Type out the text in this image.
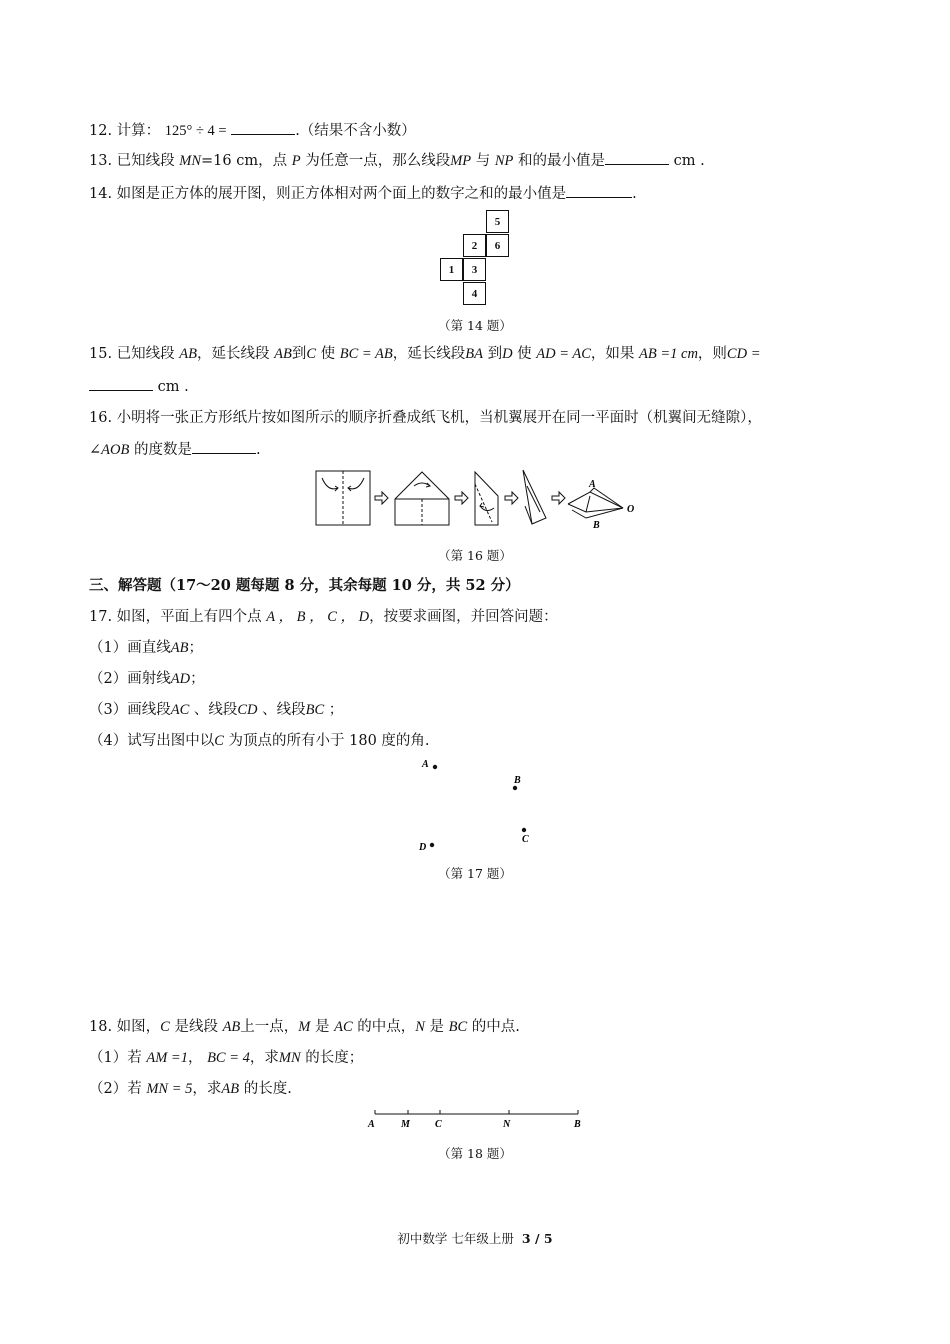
12. 计算： 125° ÷ 4 =	.（结果不含小数）
13. 已知线段 MN=16 cm，点 P 为任意一点，那么线段MP 与 NP 和的最小值是	cm .
14. 如图是正方体的展开图，则正方体相对两个面上的数字之和的最小值是	.
5
2	6
1	3
4
（第 14 题）
15. 已知线段 AB，延长线段 AB到C 使 BC = AB，延长线段BA 到D 使 AD = AC，如果 AB =1 cm，则CD =
cm .
16. 小明将一张正方形纸片按如图所示的顺序折叠成纸飞机，当机翼展开在同一平面时（机翼间无缝隙），
∠AOB 的度数是	.
A
B
O
（第 16 题）
三、解答题（17～20 题每题 8 分，其余每题 10 分，共 52 分）
17. 如图，平面上有四个点 A ， B ， C ， D，按要求画图，并回答问题：
（1）画直线AB；
（2）画射线AD；
（3）画线段AC 、线段CD 、线段BC ；
（4）试写出图中以C 为顶点的所有小于 180 度的角.
A
B
C
D
（第 17 题）
18. 如图，C 是线段 AB上一点，M 是 AC 的中点，N 是 BC 的中点.
（1）若 AM =1， BC = 4，求MN 的长度；
（2）若 MN = 5，求AB 的长度.
A	M	C	N	B
（第 18 题）
初中数学 七年级上册 3 / 5
